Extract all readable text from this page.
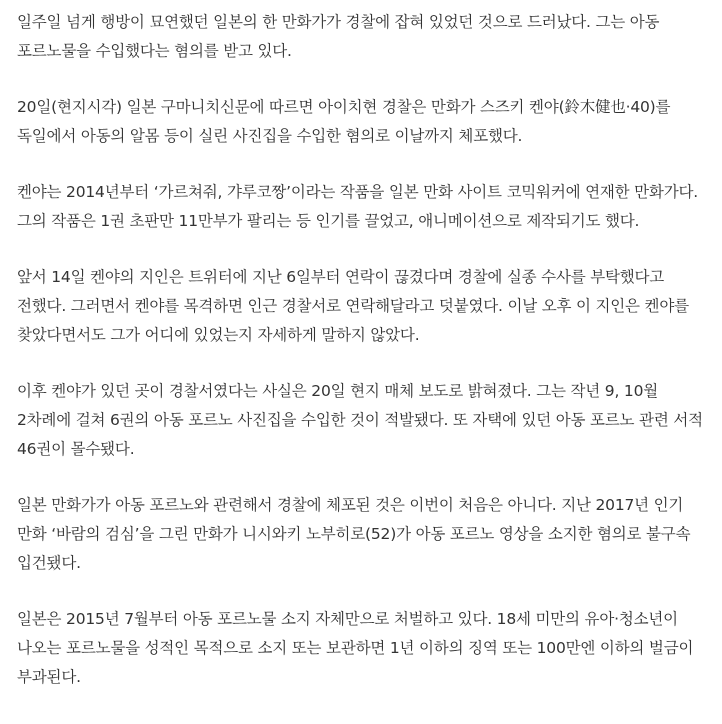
일주일 넘게 행방이 묘연했던 일본의 한 만화가가 경찰에 잡혀 있었던 것으로 드러났다. 그는 아동 포르노물을 수입했다는 혐의를 받고 있다.

20일(현지시각) 일본 구마니치신문에 따르면 아이치현 경찰은 만화가 스즈키 켄야(鈴木健也·40)를 독일에서 아동의 알몸 등이 실린 사진집을 수입한 혐의로 이날까지 체포했다.

켄야는 2014년부터 ‘가르쳐줘, 갸루코짱’이라는 작품을 일본 만화 사이트 코믹워커에 연재한 만화가다. 그의 작품은 1권 초판만 11만부가 팔리는 등 인기를 끌었고, 애니메이션으로 제작되기도 했다.

앞서 14일 켄야의 지인은 트위터에 지난 6일부터 연락이 끊겼다며 경찰에 실종 수사를 부탁했다고 전했다. 그러면서 켄야를 목격하면 인근 경찰서로 연락해달라고 덧붙였다. 이날 오후 이 지인은 켄야를 찾았다면서도 그가 어디에 있었는지 자세하게 말하지 않았다.

이후 켄야가 있던 곳이 경찰서였다는 사실은 20일 현지 매체 보도로 밝혀졌다. 그는 작년 9, 10월 2차례에 걸쳐 6권의 아동 포르노 사진집을 수입한 것이 적발됐다. 또 자택에 있던 아동 포르노 관련 서적 46권이 몰수됐다.

일본 만화가가 아동 포르노와 관련해서 경찰에 체포된 것은 이번이 처음은 아니다. 지난 2017년 인기 만화 ‘바람의 검심’을 그린 만화가 니시와키 노부히로(52)가 아동 포르노 영상을 소지한 혐의로 불구속 입건됐다.

일본은 2015년 7월부터 아동 포르노물 소지 자체만으로 처벌하고 있다. 18세 미만의 유아·청소년이 나오는 포르노물을 성적인 목적으로 소지 또는 보관하면 1년 이하의 징역 또는 100만엔 이하의 벌금이 부과된다.
